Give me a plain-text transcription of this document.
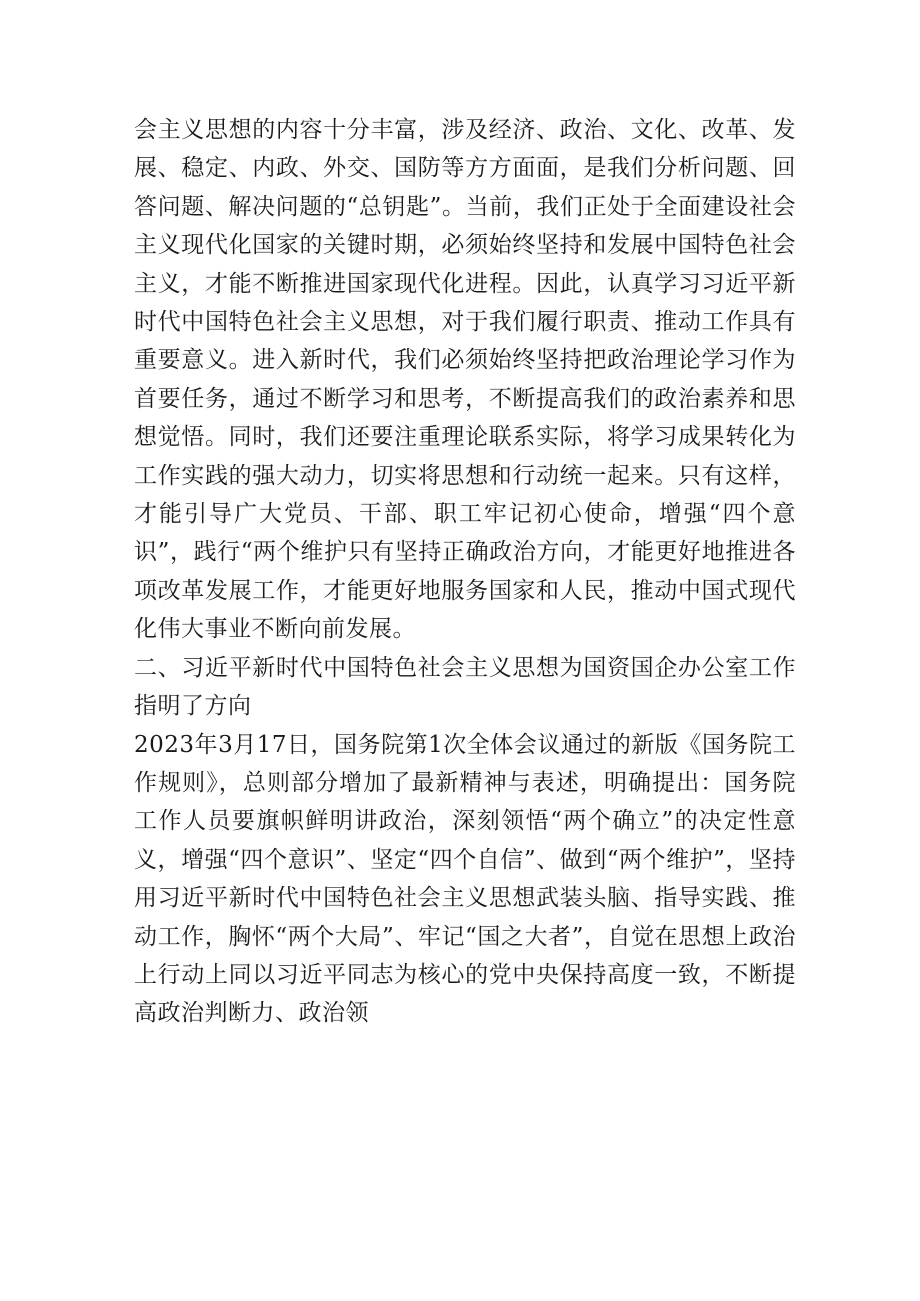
会主义思想的内容十分丰富，涉及经济、政治、文化、改革、发展、稳定、内政、外交、国防等方方面面，是我们分析问题、回答问题、解决问题的“总钥匙”。当前，我们正处于全面建设社会主义现代化国家的关键时期，必须始终坚持和发展中国特色社会主义，才能不断推进国家现代化进程。因此，认真学习习近平新时代中国特色社会主义思想，对于我们履行职责、推动工作具有重要意义。进入新时代，我们必须始终坚持把政治理论学习作为首要任务，通过不断学习和思考，不断提高我们的政治素养和思想觉悟。同时，我们还要注重理论联系实际，将学习成果转化为工作实践的强大动力，切实将思想和行动统一起来。只有这样，才能引导广大党员、干部、职工牢记初心使命，增强“四个意识”，践行“两个维护只有坚持正确政治方向，才能更好地推进各项改革发展工作，才能更好地服务国家和人民，推动中国式现代化伟大事业不断向前发展。

二、习近平新时代中国特色社会主义思想为国资国企办公室工作指明了方向

2023年3月17日，国务院第1次全体会议通过的新版《国务院工作规则》，总则部分增加了最新精神与表述，明确提出：国务院工作人员要旗帜鲜明讲政治，深刻领悟“两个确立”的决定性意义，增强“四个意识”、坚定“四个自信”、做到“两个维护”，坚持用习近平新时代中国特色社会主义思想武装头脑、指导实践、推动工作，胸怀“两个大局”、牢记“国之大者”，自觉在思想上政治上行动上同以习近平同志为核心的党中央保持高度一致，不断提高政治判断力、政治领
